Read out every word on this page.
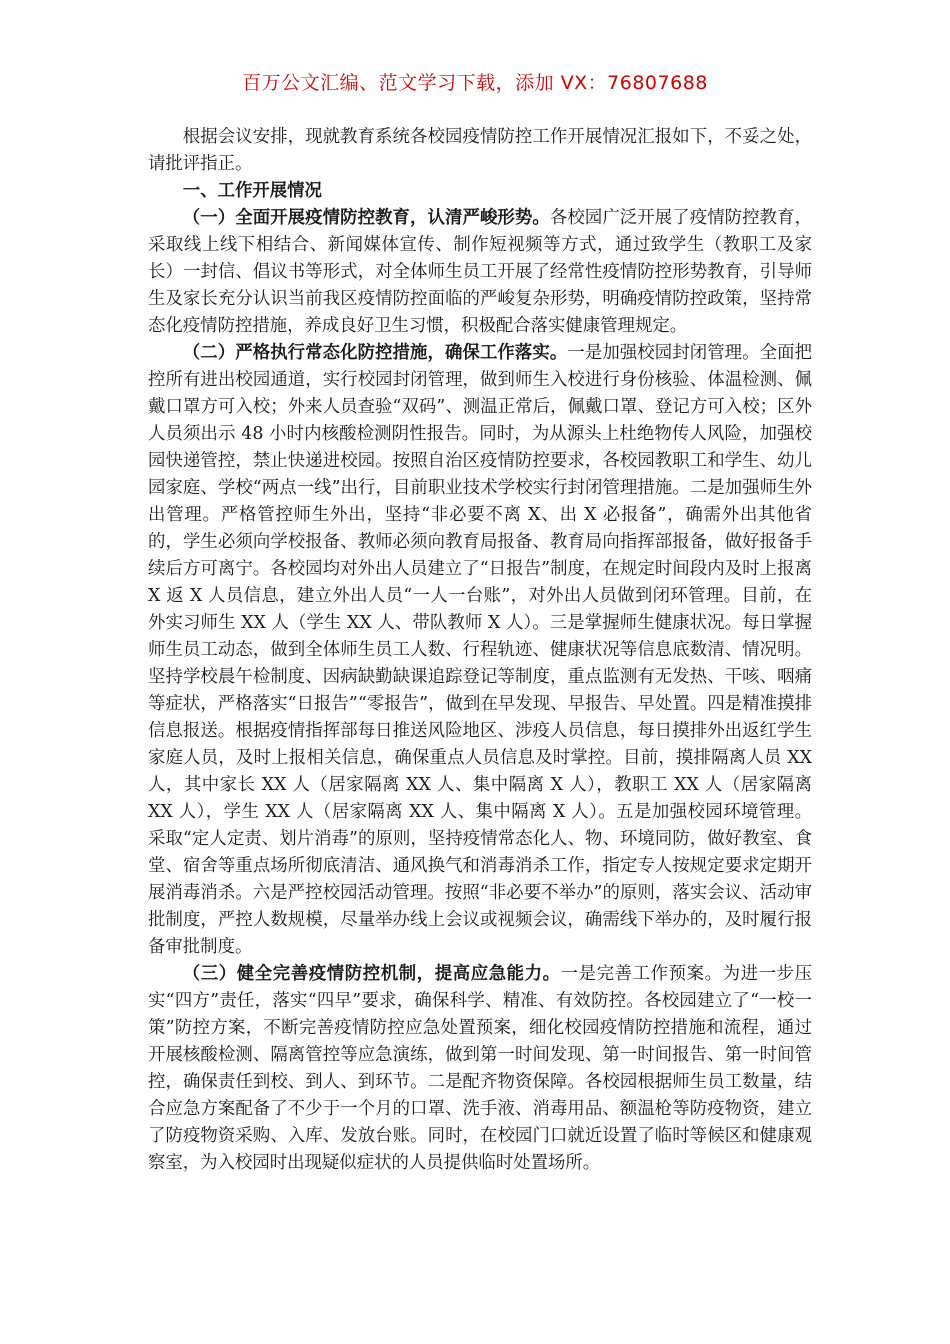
百万公文汇编、范文学习下载，添加 VX：76807688

根据会议安排，现就教育系统各校园疫情防控工作开展情况汇报如下，不妥之处，请批评指正。

一、工作开展情况

（一）全面开展疫情防控教育，认清严峻形势。各校园广泛开展了疫情防控教育，采取线上线下相结合、新闻媒体宣传、制作短视频等方式，通过致学生（教职工及家长）一封信、倡议书等形式，对全体师生员工开展了经常性疫情防控形势教育，引导师生及家长充分认识当前我区疫情防控面临的严峻复杂形势，明确疫情防控政策，坚持常态化疫情防控措施，养成良好卫生习惯，积极配合落实健康管理规定。

（二）严格执行常态化防控措施，确保工作落实。一是加强校园封闭管理。全面把控所有进出校园通道，实行校园封闭管理，做到师生入校进行身份核验、体温检测、佩戴口罩方可入校；外来人员查验“双码”、测温正常后，佩戴口罩、登记方可入校；区外人员须出示 48 小时内核酸检测阴性报告。同时，为从源头上杜绝物传人风险，加强校园快递管控，禁止快递进校园。按照自治区疫情防控要求，各校园教职工和学生、幼儿园家庭、学校“两点一线”出行，目前职业技术学校实行封闭管理措施。二是加强师生外出管理。严格管控师生外出，坚持“非必要不离 X、出 X 必报备”，确需外出其他省的，学生必须向学校报备、教师必须向教育局报备、教育局向指挥部报备，做好报备手续后方可离宁。各校园均对外出人员建立了“日报告”制度，在规定时间段内及时上报离 X 返 X 人员信息，建立外出人员“一人一台账”，对外出人员做到闭环管理。目前，在外实习师生 XX 人（学生 XX 人、带队教师 X 人）。三是掌握师生健康状况。每日掌握师生员工动态，做到全体师生员工人数、行程轨迹、健康状况等信息底数清、情况明。坚持学校晨午检制度、因病缺勤缺课追踪登记等制度，重点监测有无发热、干咳、咽痛等症状，严格落实“日报告”“零报告”，做到在早发现、早报告、早处置。四是精准摸排信息报送。根据疫情指挥部每日推送风险地区、涉疫人员信息，每日摸排外出返红学生家庭人员，及时上报相关信息，确保重点人员信息及时掌控。目前，摸排隔离人员 XX 人，其中家长 XX 人（居家隔离 XX 人、集中隔离 X 人），教职工 XX 人（居家隔离 XX 人），学生 XX 人（居家隔离 XX 人、集中隔离 X 人）。五是加强校园环境管理。采取“定人定责、划片消毒”的原则，坚持疫情常态化人、物、环境同防，做好教室、食堂、宿舍等重点场所彻底清洁、通风换气和消毒消杀工作，指定专人按规定要求定期开展消毒消杀。六是严控校园活动管理。按照“非必要不举办”的原则，落实会议、活动审批制度，严控人数规模，尽量举办线上会议或视频会议，确需线下举办的，及时履行报备审批制度。

（三）健全完善疫情防控机制，提高应急能力。一是完善工作预案。为进一步压实“四方”责任，落实“四早”要求，确保科学、精准、有效防控。各校园建立了“一校一策”防控方案，不断完善疫情防控应急处置预案，细化校园疫情防控措施和流程，通过开展核酸检测、隔离管控等应急演练，做到第一时间发现、第一时间报告、第一时间管控，确保责任到校、到人、到环节。二是配齐物资保障。各校园根据师生员工数量，结合应急方案配备了不少于一个月的口罩、洗手液、消毒用品、额温枪等防疫物资，建立了防疫物资采购、入库、发放台账。同时，在校园门口就近设置了临时等候区和健康观察室，为入校园时出现疑似症状的人员提供临时处置场所。
